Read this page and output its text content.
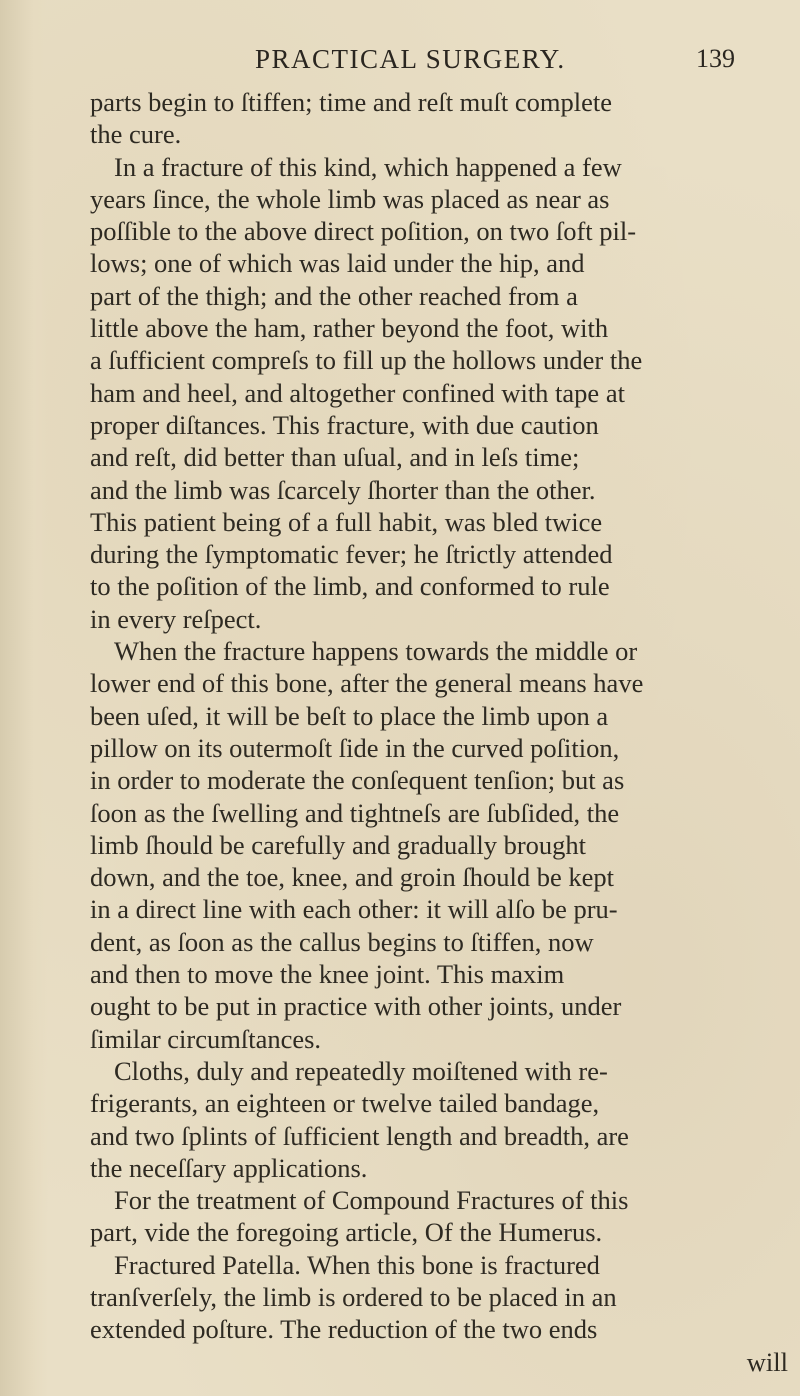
PRACTICAL SURGERY.	139
parts begin to ſtiffen; time and reſt muſt complete
the cure.
In a fracture of this kind, which happened a few
years ſince, the whole limb was placed as near as
poſſible to the above direct poſition, on two ſoft pil-
lows; one of which was laid under the hip, and
part of the thigh; and the other reached from a
little above the ham, rather beyond the foot, with
a ſufficient compreſs to fill up the hollows under the
ham and heel, and altogether confined with tape at
proper diſtances. This fracture, with due caution
and reſt, did better than uſual, and in leſs time;
and the limb was ſcarcely ſhorter than the other.
This patient being of a full habit, was bled twice
during the ſymptomatic fever; he ſtrictly attended
to the poſition of the limb, and conformed to rule
in every reſpect.
When the fracture happens towards the middle or
lower end of this bone, after the general means have
been uſed, it will be beſt to place the limb upon a
pillow on its outermoſt ſide in the curved poſition,
in order to moderate the conſequent tenſion; but as
ſoon as the ſwelling and tightneſs are ſubſided, the
limb ſhould be carefully and gradually brought
down, and the toe, knee, and groin ſhould be kept
in a direct line with each other: it will alſo be pru-
dent, as ſoon as the callus begins to ſtiffen, now
and then to move the knee joint. This maxim
ought to be put in practice with other joints, under
ſimilar circumſtances.
Cloths, duly and repeatedly moiſtened with re-
frigerants, an eighteen or twelve tailed bandage,
and two ſplints of ſufficient length and breadth, are
the neceſſary applications.
For the treatment of Compound Fractures of this
part, vide the foregoing article, Of the Humerus.
Fractured Patella. When this bone is fractured
tranſverſely, the limb is ordered to be placed in an
extended poſture. The reduction of the two ends
will
